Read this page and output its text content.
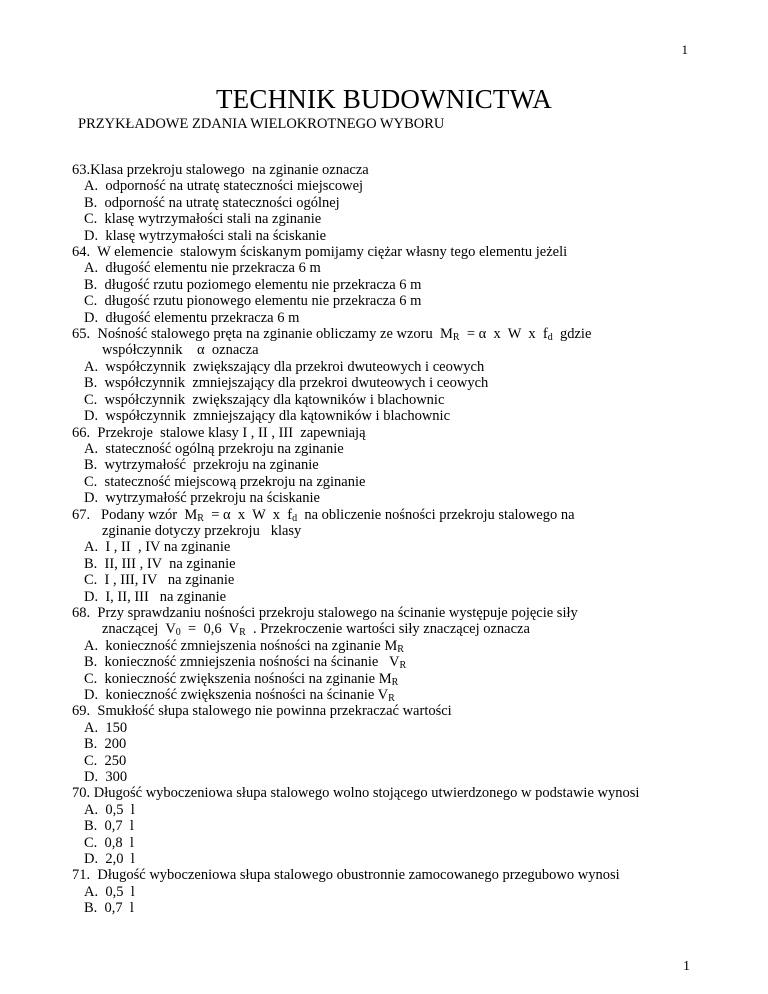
1
TECHNIK BUDOWNICTWA
PRZYKŁADOWE ZDANIA WIELOKROTNEGO WYBORU
63.Klasa przekroju stalowego  na zginanie oznacza
A.  odporność na utratę stateczności miejscowej
B.  odporność na utratę stateczności ogólnej
C.  klasę wytrzymałości stali na zginanie
D.  klasę wytrzymałości stali na ściskanie
64.  W elemencie  stalowym ściskanym pomijamy ciężar własny tego elementu jeżeli
A.  długość elementu nie przekracza 6 m
B.  długość rzutu poziomego elementu nie przekracza 6 m
C.  długość rzutu pionowego elementu nie przekracza 6 m
D.  długość elementu przekracza 6 m
65.  Nośność stalowego pręta na zginanie obliczamy ze wzoru  $M_R = \alpha$  x  W  x  $f_d$  gdzie
współczynnik    α  oznacza
A.  współczynnik  zwiększający dla przekroi dwuteowych i ceowych
B.  współczynnik  zmniejszający dla przekroi dwuteowych i ceowych
C.  współczynnik  zwiększający dla kątowników i blachownic
D.  współczynnik  zmniejszający dla kątowników i blachownic
66.  Przekroje  stalowe klasy I , II , III  zapewniają
A.  stateczność ogólną przekroju na zginanie
B.  wytrzymałość  przekroju na zginanie
C.  stateczność miejscową przekroju na zginanie
D.  wytrzymałość przekroju na ściskanie
67.   Podany wzór  $M_R = \alpha$  x  W  x  $f_d$  na obliczenie nośności przekroju stalowego na
zginanie dotyczy przekroju   klasy
A.  I , II  , IV na zginanie
B.  II, III , IV  na zginanie
C.  I , III, IV   na zginanie
D.  I, II, III   na zginanie
68.  Przy sprawdzaniu nośności przekroju stalowego na ścinanie występuje pojęcie siły
znaczącej  $V_0 = 0,6$  $V_R$  . Przekroczenie wartości siły znaczącej oznacza
A.  konieczność zmniejszenia nośności na zginanie $M_R$
B.  konieczność zmniejszenia nośności na ścinanie   $V_R$
C.  konieczność zwiększenia nośności na zginanie $M_R$
D.  konieczność zwiększenia nośności na ścinanie $V_R$
69.  Smukłość słupa stalowego nie powinna przekraczać wartości
A.  150
B.  200
C.  250
D.  300
70. Długość wyboczeniowa słupa stalowego wolno stojącego utwierdzonego w podstawie wynosi
A.  0,5  l
B.  0,7  l
C.  0,8  l
D.  2,0  l
71.  Długość wyboczeniowa słupa stalowego obustronnie zamocowanego przegubowo wynosi
A.  0,5  l
B.  0,7  l
1
